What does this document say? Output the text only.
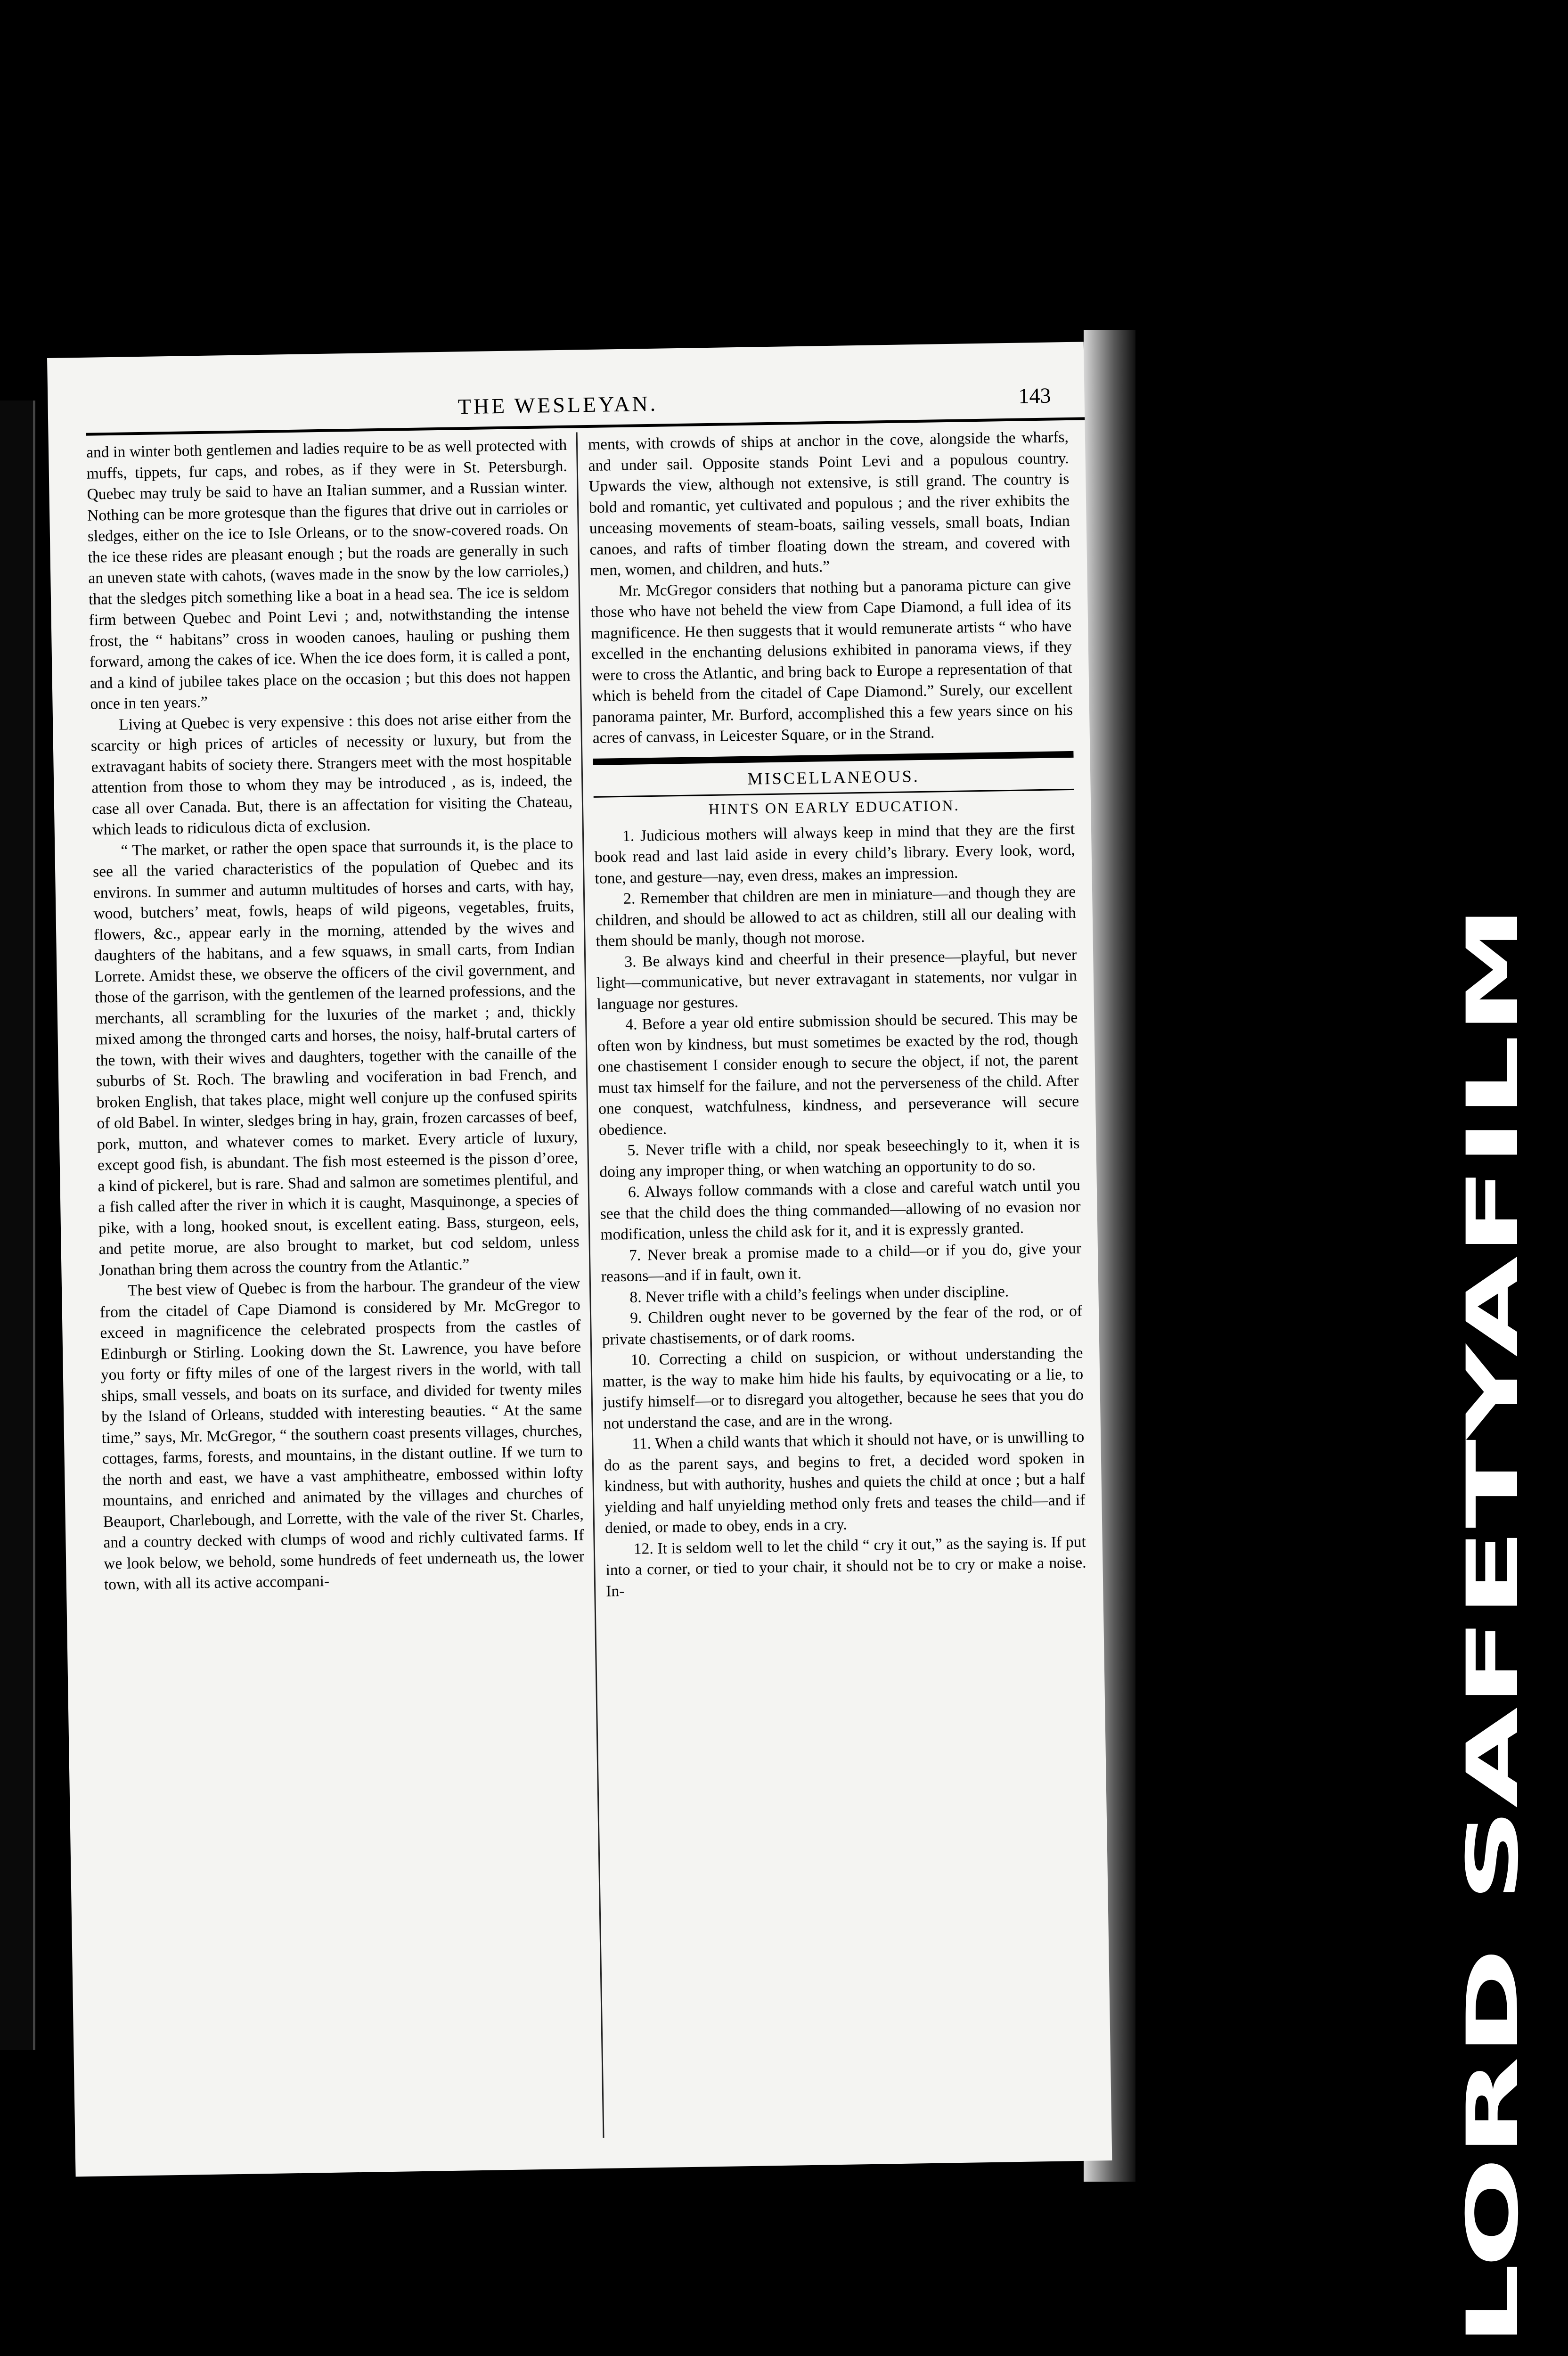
THE WESLEYAN.	143

and in winter both gentlemen and ladies require to be as well protected with muffs, tippets, fur caps, and robes, as if they were in St. Petersburgh. Quebec may truly be said to have an Italian summer, and a Russian winter. Nothing can be more grotesque than the figures that drive out in carrioles or sledges, either on the ice to Isle Orleans, or to the snow-covered roads. On the ice these rides are pleasant enough ; but the roads are generally in such an uneven state with cahots, (waves made in the snow by the low carrioles,) that the sledges pitch something like a boat in a head sea. The ice is seldom firm between Quebec and Point Levi ; and, notwithstanding the intense frost, the “ habitans” cross in wooden canoes, hauling or pushing them forward, among the cakes of ice. When the ice does form, it is called a pont, and a kind of jubilee takes place on the occasion ; but this does not happen once in ten years.”

Living at Quebec is very expensive : this does not arise either from the scarcity or high prices of articles of necessity or luxury, but from the extravagant habits of society there. Strangers meet with the most hospitable attention from those to whom they may be introduced , as is, indeed, the case all over Canada. But, there is an affectation for visiting the Chateau, which leads to ridiculous dicta of exclusion.

“ The market, or rather the open space that surrounds it, is the place to see all the varied characteristics of the population of Quebec and its environs. In summer and autumn multitudes of horses and carts, with hay, wood, butchers’ meat, fowls, heaps of wild pigeons, vegetables, fruits, flowers, &c., appear early in the morning, attended by the wives and daughters of the habitans, and a few squaws, in small carts, from Indian Lorrete. Amidst these, we observe the officers of the civil government, and those of the garrison, with the gentlemen of the learned professions, and the merchants, all scrambling for the luxuries of the market ; and, thickly mixed among the thronged carts and horses, the noisy, half-brutal carters of the town, with their wives and daughters, together with the canaille of the suburbs of St. Roch. The brawling and vociferation in bad French, and broken English, that takes place, might well conjure up the confused spirits of old Babel. In winter, sledges bring in hay, grain, frozen carcasses of beef, pork, mutton, and whatever comes to market. Every article of luxury, except good fish, is abundant. The fish most esteemed is the pisson d’oree, a kind of pickerel, but is rare. Shad and salmon are sometimes plentiful, and a fish called after the river in which it is caught, Masquinonge, a species of pike, with a long, hooked snout, is excellent eating. Bass, sturgeon, eels, and petite morue, are also brought to market, but cod seldom, unless Jonathan bring them across the country from the Atlantic.”

The best view of Quebec is from the harbour. The grandeur of the view from the citadel of Cape Diamond is considered by Mr. McGregor to exceed in magnificence the celebrated prospects from the castles of Edinburgh or Stirling. Looking down the St. Lawrence, you have before you forty or fifty miles of one of the largest rivers in the world, with tall ships, small vessels, and boats on its surface, and divided for twenty miles by the Island of Orleans, studded with interesting beauties. “ At the same time,” says, Mr. McGregor, “ the southern coast presents villages, churches, cottages, farms, forests, and mountains, in the distant outline. If we turn to the north and east, we have a vast amphitheatre, embossed within lofty mountains, and enriched and animated by the villages and churches of Beauport, Charlebough, and Lorrette, with the vale of the river St. Charles, and a country decked with clumps of wood and richly cultivated farms. If we look below, we behold, some hundreds of feet underneath us, the lower town, with all its active accompani-

ments, with crowds of ships at anchor in the cove, alongside the wharfs, and under sail. Opposite stands Point Levi and a populous country. Upwards the view, although not extensive, is still grand. The country is bold and romantic, yet cultivated and populous ; and the river exhibits the unceasing movements of steam-boats, sailing vessels, small boats, Indian canoes, and rafts of timber floating down the stream, and covered with men, women, and children, and huts.”

Mr. McGregor considers that nothing but a panorama picture can give those who have not beheld the view from Cape Diamond, a full idea of its magnificence. He then suggests that it would remunerate artists “ who have excelled in the enchanting delusions exhibited in panorama views, if they were to cross the Atlantic, and bring back to Europe a representation of that which is beheld from the citadel of Cape Diamond.” Surely, our excellent panorama painter, Mr. Burford, accomplished this a few years since on his acres of canvass, in Leicester Square, or in the Strand.

MISCELLANEOUS.
HINTS ON EARLY EDUCATION.

1. Judicious mothers will always keep in mind that they are the first book read and last laid aside in every child’s library. Every look, word, tone, and gesture—nay, even dress, makes an impression.

2. Remember that children are men in miniature—and though they are children, and should be allowed to act as children, still all our dealing with them should be manly, though not morose.

3. Be always kind and cheerful in their presence—playful, but never light—communicative, but never extravagant in statements, nor vulgar in language nor gestures.

4. Before a year old entire submission should be secured. This may be often won by kindness, but must sometimes be exacted by the rod, though one chastisement I consider enough to secure the object, if not, the parent must tax himself for the failure, and not the perverseness of the child. After one conquest, watchfulness, kindness, and perseverance will secure obedience.

5. Never trifle with a child, nor speak beseechingly to it, when it is doing any improper thing, or when watching an opportunity to do so.

6. Always follow commands with a close and careful watch until you see that the child does the thing commanded—allowing of no evasion nor modification, unless the child ask for it, and it is expressly granted.

7. Never break a promise made to a child—or if you do, give your reasons—and if in fault, own it.

8. Never trifle with a child’s feelings when under discipline.

9. Children ought never to be governed by the fear of the rod, or of private chastisements, or of dark rooms.

10. Correcting a child on suspicion, or without understanding the matter, is the way to make him hide his faults, by equivocating or a lie, to justify himself—or to disregard you altogether, because he sees that you do not understand the case, and are in the wrong.

11. When a child wants that which it should not have, or is unwilling to do as the parent says, and begins to fret, a decided word spoken in kindness, but with authority, hushes and quiets the child at once ; but a half yielding and half unyielding method only frets and teases the child—and if denied, or made to obey, ends in a cry.

12. It is seldom well to let the child “ cry it out,” as the saying is. If put into a corner, or tied to your chair, it should not be to cry or make a noise. In-	LORD SAFETYAFILM
